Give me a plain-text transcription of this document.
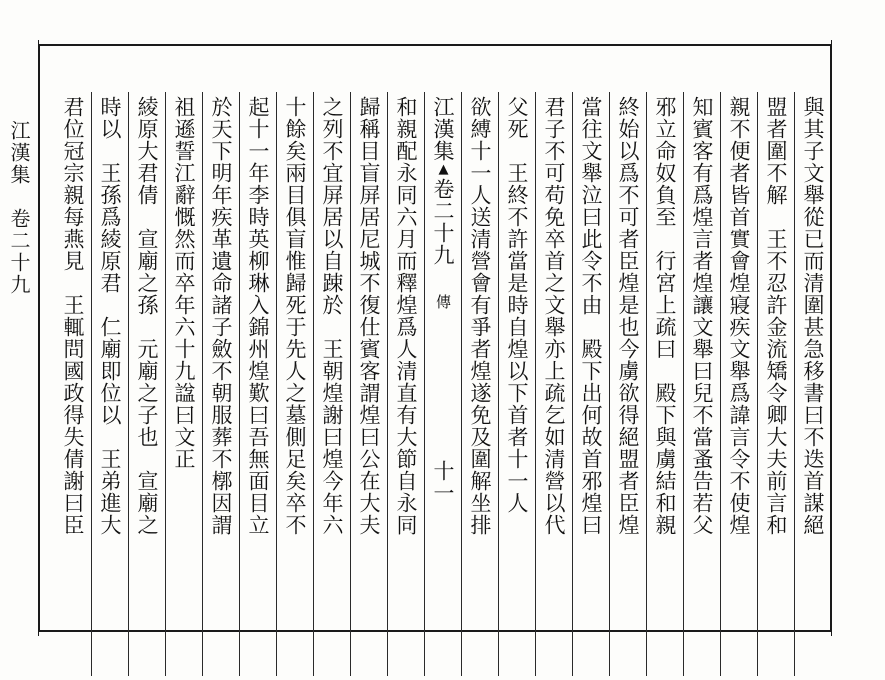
江漢集　卷二十九	與其子文舉從已而清圍甚急移書曰不迭首謀絕
盟者圍不解　王不忍許金流矯令卿大夫前言和
親不便者皆首實會煌寢疾文舉爲諱言令不使煌
知賓客有爲煌言者煌讓文舉曰兒不當蚤告若父
邪立命奴負至　行宮上疏曰　殿下與虜結和親
終始以爲不可者臣煌是也今虜欲得絕盟者臣煌
當往文舉泣曰此令不由　殿下出何故首邪煌曰
君子不可苟免卒首之文舉亦上疏乞如清營以代
父死　王終不許當是時自煌以下首者十一人
欲縛十一人送清營會有爭者煌遂免及圍解坐排
江漢集▲卷二十九傳十一
和親配永同六月而釋煌爲人清直有大節自永同
歸稱目盲屏居尼城不復仕賓客謂煌曰公在大夫
之列不宜屏居以自踈於　王朝煌謝曰煌今年六
十餘矣兩目俱盲惟歸死于先人之墓側足矣卒不
起十一年李時英柳琳入錦州煌歎曰吾無面目立
於天下明年疾革遺命諸子斂不朝服葬不槨因謂
祖遜誓江辭慨然而卒年六十九諡曰文正
綾原大君倩　宣廟之孫　元廟之子也　宣廟之
時以　王孫爲綾原君　仁廟即位以　王弟進大
君位冠宗親每燕見　王輒問國政得失倩謝曰臣
